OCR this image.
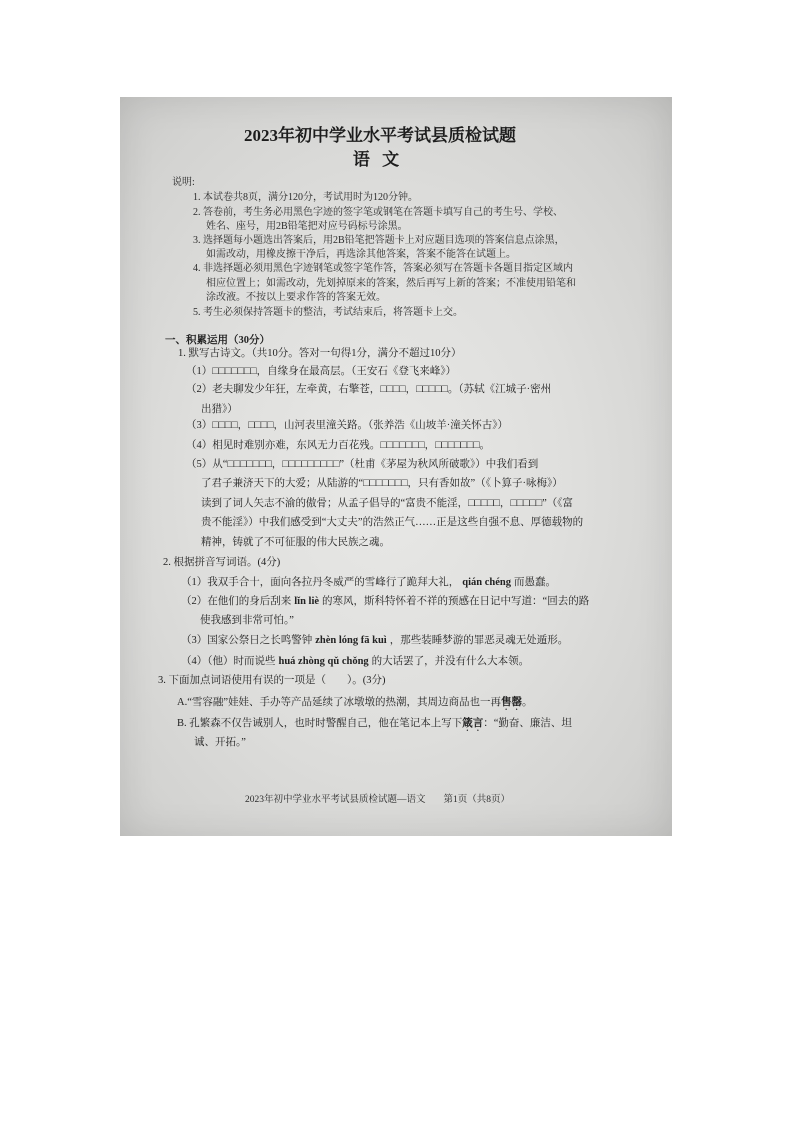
2023年初中学业水平考试县质检试题
语 文
说明:
1. 本试卷共8页，满分120分，考试用时为120分钟。
2. 答卷前，考生务必用黑色字迹的签字笔或钢笔在答题卡填写自己的考生号、学校、
姓名、座号，用2B铅笔把对应号码标号涂黑。
3. 选择题每小题选出答案后，用2B铅笔把答题卡上对应题目选项的答案信息点涂黑，
如需改动，用橡皮擦干净后，再选涂其他答案，答案不能答在试题上。
4. 非选择题必须用黑色字迹钢笔或签字笔作答，答案必须写在答题卡各题目指定区域内
相应位置上；如需改动，先划掉原来的答案，然后再写上新的答案；不准使用铅笔和
涂改液。不按以上要求作答的答案无效。
5. 考生必须保持答题卡的整洁，考试结束后，将答题卡上交。
一、积累运用（30分）
1. 默写古诗文。（共10分。答对一句得1分，满分不超过10分）
（1）□□□□□□□，自缘身在最高层。（王安石《登飞来峰》）
（2）老夫聊发少年狂，左牵黄，右擎苍，□□□□，□□□□□。（苏轼《江城子·密州
出猎》）
（3）□□□□，□□□□，山河表里潼关路。（张养浩《山坡羊·潼关怀古》）
（4）相见时难别亦难，东风无力百花残。□□□□□□□，□□□□□□□。
（5）从“□□□□□□□，□□□□□□□□□”（杜甫《茅屋为秋风所破歌》）中我们看到
了君子兼济天下的大爱；从陆游的“□□□□□□□，只有香如故”（《卜算子·咏梅》）
读到了词人矢志不渝的傲骨；从孟子倡导的“富贵不能淫，□□□□□，□□□□□”（《富
贵不能淫》）中我们感受到“大丈夫”的浩然正气……正是这些自强不息、厚德载物的
精神，铸就了不可征服的伟大民族之魂。
2. 根据拼音写词语。(4分)
（1）我双手合十，面向各拉丹冬威严的雪峰行了跪拜大礼， qián chéng 而愚蠢。
（2）在他们的身后刮来 lǐn liè 的寒风，斯科特怀着不祥的预感在日记中写道：“回去的路
使我感到非常可怕。”
（3）国家公祭日之长鸣警钟 zhèn lóng fā kuì ，那些装睡梦游的罪恶灵魂无处遁形。
（4）（他）时而说些 huá zhòng qǔ chǒng 的大话罢了，并没有什么大本领。
3. 下面加点词语使用有误的一项是（　　）。(3分)
A.“雪容融”娃娃、手办等产品延续了冰墩墩的热潮，其周边商品也一再售罄。
B. 孔繁森不仅告诫别人，也时时警醒自己，他在笔记本上写下箴言：“勤奋、廉洁、坦
诚、开拓。”
2023年初中学业水平考试县质检试题—语文 第1页（共8页）
